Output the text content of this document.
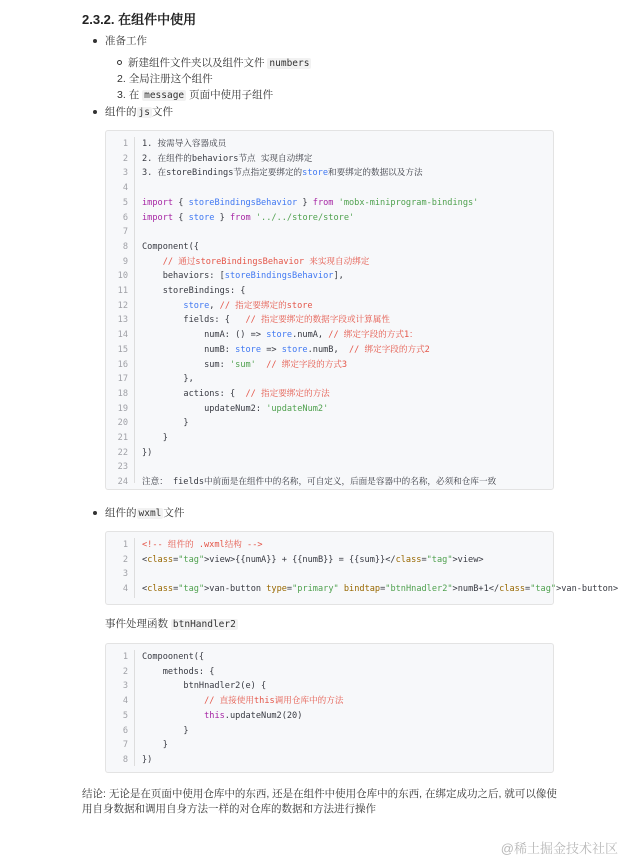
2.3.2. 在组件中使用
准备工作
新建组件文件夹以及组件文件 numbers
2. 全局注册这个组件
3. 在 message 页面中使用子组件
组件的 js 文件
1 1. 按需导入容器成员
2 2. 在组件的behaviors节点 实现自动绑定
3 3. 在storeBindings节点指定要绑定的store和要绑定的数据以及方法
4
5 import { storeBindingsBehavior } from 'mobx-miniprogram-bindings'
6 import { store } from '../../store/store'
7
8 Component({
9	// 通过storeBindingsBehavior 来实现自动绑定
10 behaviors: [storeBindingsBehavior],
11 storeBindings: {
12	store, // 指定要绑定的store
13 fields: {   // 指定要绑定的数据字段或计算属性
14 numA: () => store.numA, // 绑定字段的方式1：
15 numB: store => store.numB,  // 绑定字段的方式2
16 sum: 'sum' // 绑定字段的方式3
17 },
18 actions: {  // 指定要绑定的方法
19 updateNum2: 'updateNum2'
20 }
21 }
22 })
23
24 注意： fields中前面是在组件中的名称，可自定义，后面是容器中的名称，必须和仓库一致
组件的 wxml 文件
1 <!-- 组件的 .wxml结构 -->
2 <class="tag">view>{{numA}} + {{numB}} = {{sum}}</class="tag">view>
3
4 <class="tag">van-button type="primary" bindtap="btnHnadler2">numB+1</class="tag">van-button>
事件处理函数 btnHandler2
1 Compoonent({
2 methods: {
3 btnHnadler2(e) {
4	// 直接使用this调用仓库中的方法
5	this.updateNum2(20)
6 }
7 }
8 })
结论: 无论是在页面中使用仓库中的东西, 还是在组件中使用仓库中的东西, 在绑定成功之后, 就可以像使
用自身数据和调用自身方法一样的对仓库的数据和方法进行操作
@稀土掘金技术社区
